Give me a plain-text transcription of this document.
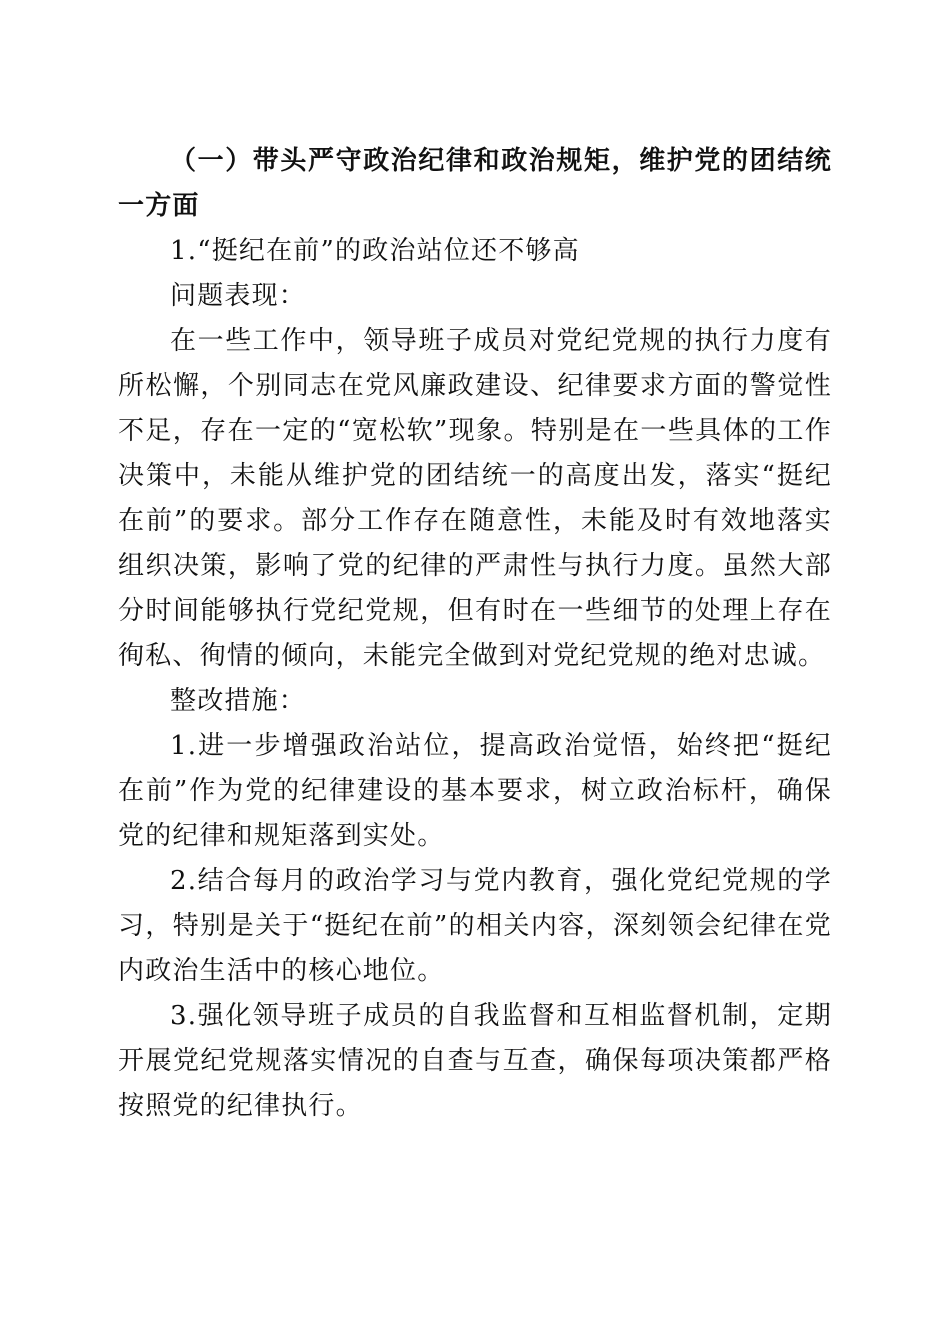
（一）带头严守政治纪律和政治规矩，维护党的团结统一方面

1.“挺纪在前”的政治站位还不够高

问题表现：

在一些工作中，领导班子成员对党纪党规的执行力度有所松懈，个别同志在党风廉政建设、纪律要求方面的警觉性不足，存在一定的“宽松软”现象。特别是在一些具体的工作决策中，未能从维护党的团结统一的高度出发，落实“挺纪在前”的要求。部分工作存在随意性，未能及时有效地落实组织决策，影响了党的纪律的严肃性与执行力度。虽然大部分时间能够执行党纪党规，但有时在一些细节的处理上存在徇私、徇情的倾向，未能完全做到对党纪党规的绝对忠诚。

整改措施：

1.进一步增强政治站位，提高政治觉悟，始终把“挺纪在前”作为党的纪律建设的基本要求，树立政治标杆，确保党的纪律和规矩落到实处。

2.结合每月的政治学习与党内教育，强化党纪党规的学习，特别是关于“挺纪在前”的相关内容，深刻领会纪律在党内政治生活中的核心地位。

3.强化领导班子成员的自我监督和互相监督机制，定期开展党纪党规落实情况的自查与互查，确保每项决策都严格按照党的纪律执行。
